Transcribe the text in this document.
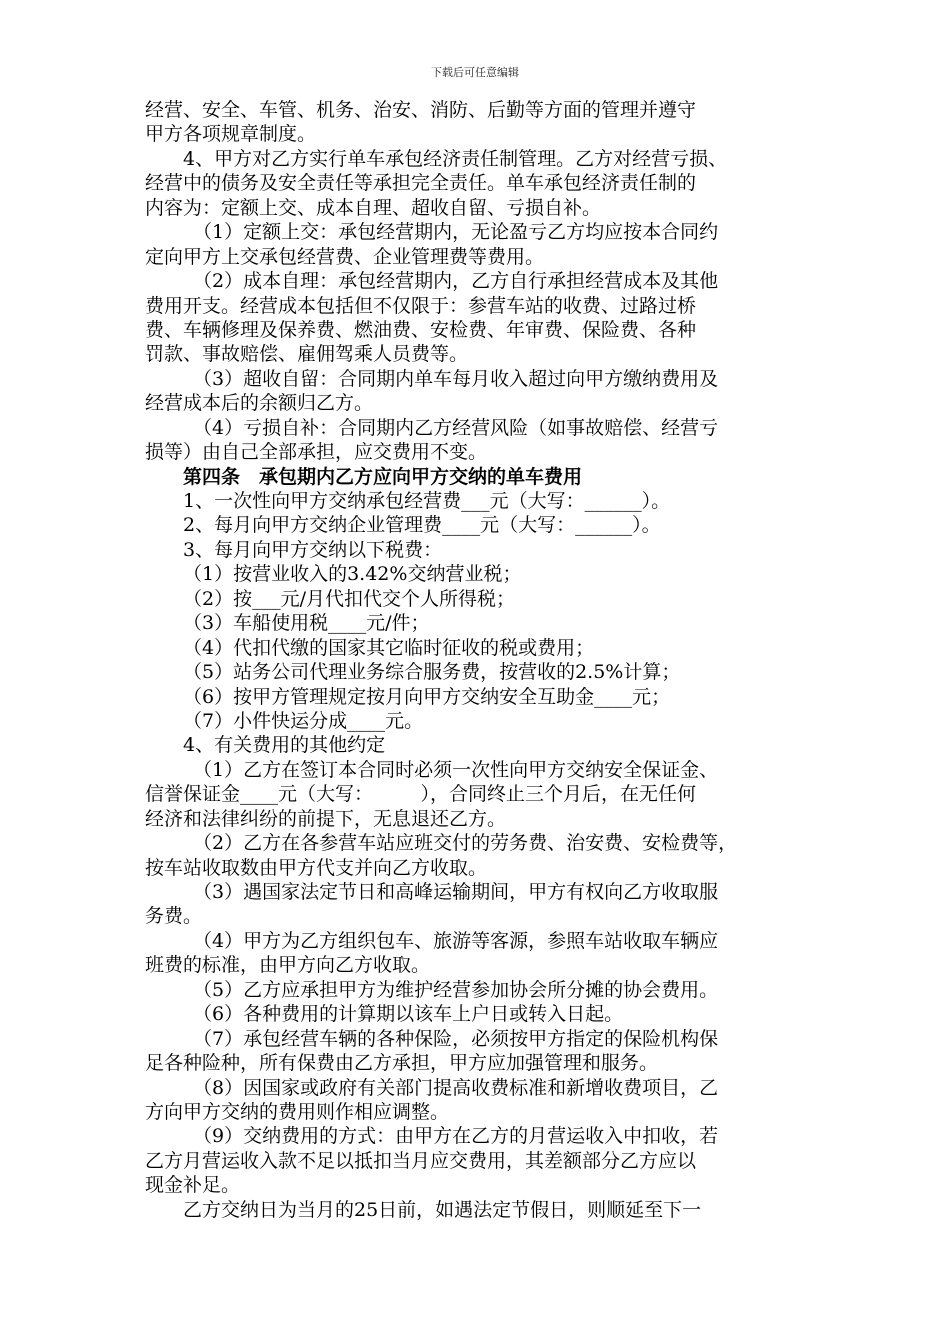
下载后可任意编辑
经营、安全、车管、机务、治安、消防、后勤等方面的管理并遵守
甲方各项规章制度。
4、甲方对乙方实行单车承包经济责任制管理。乙方对经营亏损、
经营中的债务及安全责任等承担完全责任。单车承包经济责任制的
内容为：定额上交、成本自理、超收自留、亏损自补。
（1）定额上交：承包经营期内，无论盈亏乙方均应按本合同约
定向甲方上交承包经营费、企业管理费等费用。
（2）成本自理：承包经营期内，乙方自行承担经营成本及其他
费用开支。经营成本包括但不仅限于：参营车站的收费、过路过桥
费、车辆修理及保养费、燃油费、安检费、年审费、保险费、各种
罚款、事故赔偿、雇佣驾乘人员费等。
（3）超收自留：合同期内单车每月收入超过向甲方缴纳费用及
经营成本后的余额归乙方。
（4）亏损自补：合同期内乙方经营风险（如事故赔偿、经营亏
损等）由自己全部承担，应交费用不变。
第四条　承包期内乙方应向甲方交纳的单车费用
1、一次性向甲方交纳承包经营费___元（大写：______）。
2、每月向甲方交纳企业管理费____元（大写：______）。
3、每月向甲方交纳以下税费：
（1）按营业收入的3.42%交纳营业税；
（2）按___元/月代扣代交个人所得税；
（3）车船使用税____元/件；
（4）代扣代缴的国家其它临时征收的税或费用；
（5）站务公司代理业务综合服务费，按营收的2.5%计算；
（6）按甲方管理规定按月向甲方交纳安全互助金____元；
（7）小件快运分成____元。
4、有关费用的其他约定
（1）乙方在签订本合同时必须一次性向甲方交纳安全保证金、
信誉保证金____元（大写：　　　），合同终止三个月后，在无任何
经济和法律纠纷的前提下，无息退还乙方。
（2）乙方在各参营车站应班交付的劳务费、治安费、安检费等，
按车站收取数由甲方代支并向乙方收取。
（3）遇国家法定节日和高峰运输期间，甲方有权向乙方收取服
务费。
（4）甲方为乙方组织包车、旅游等客源，参照车站收取车辆应
班费的标准，由甲方向乙方收取。
（5）乙方应承担甲方为维护经营参加协会所分摊的协会费用。
（6）各种费用的计算期以该车上户日或转入日起。
（7）承包经营车辆的各种保险，必须按甲方指定的保险机构保
足各种险种，所有保费由乙方承担，甲方应加强管理和服务。
（8）因国家或政府有关部门提高收费标准和新增收费项目，乙
方向甲方交纳的费用则作相应调整。
（9）交纳费用的方式：由甲方在乙方的月营运收入中扣收，若
乙方月营运收入款不足以抵扣当月应交费用，其差额部分乙方应以
现金补足。
乙方交纳日为当月的25日前，如遇法定节假日，则顺延至下一
